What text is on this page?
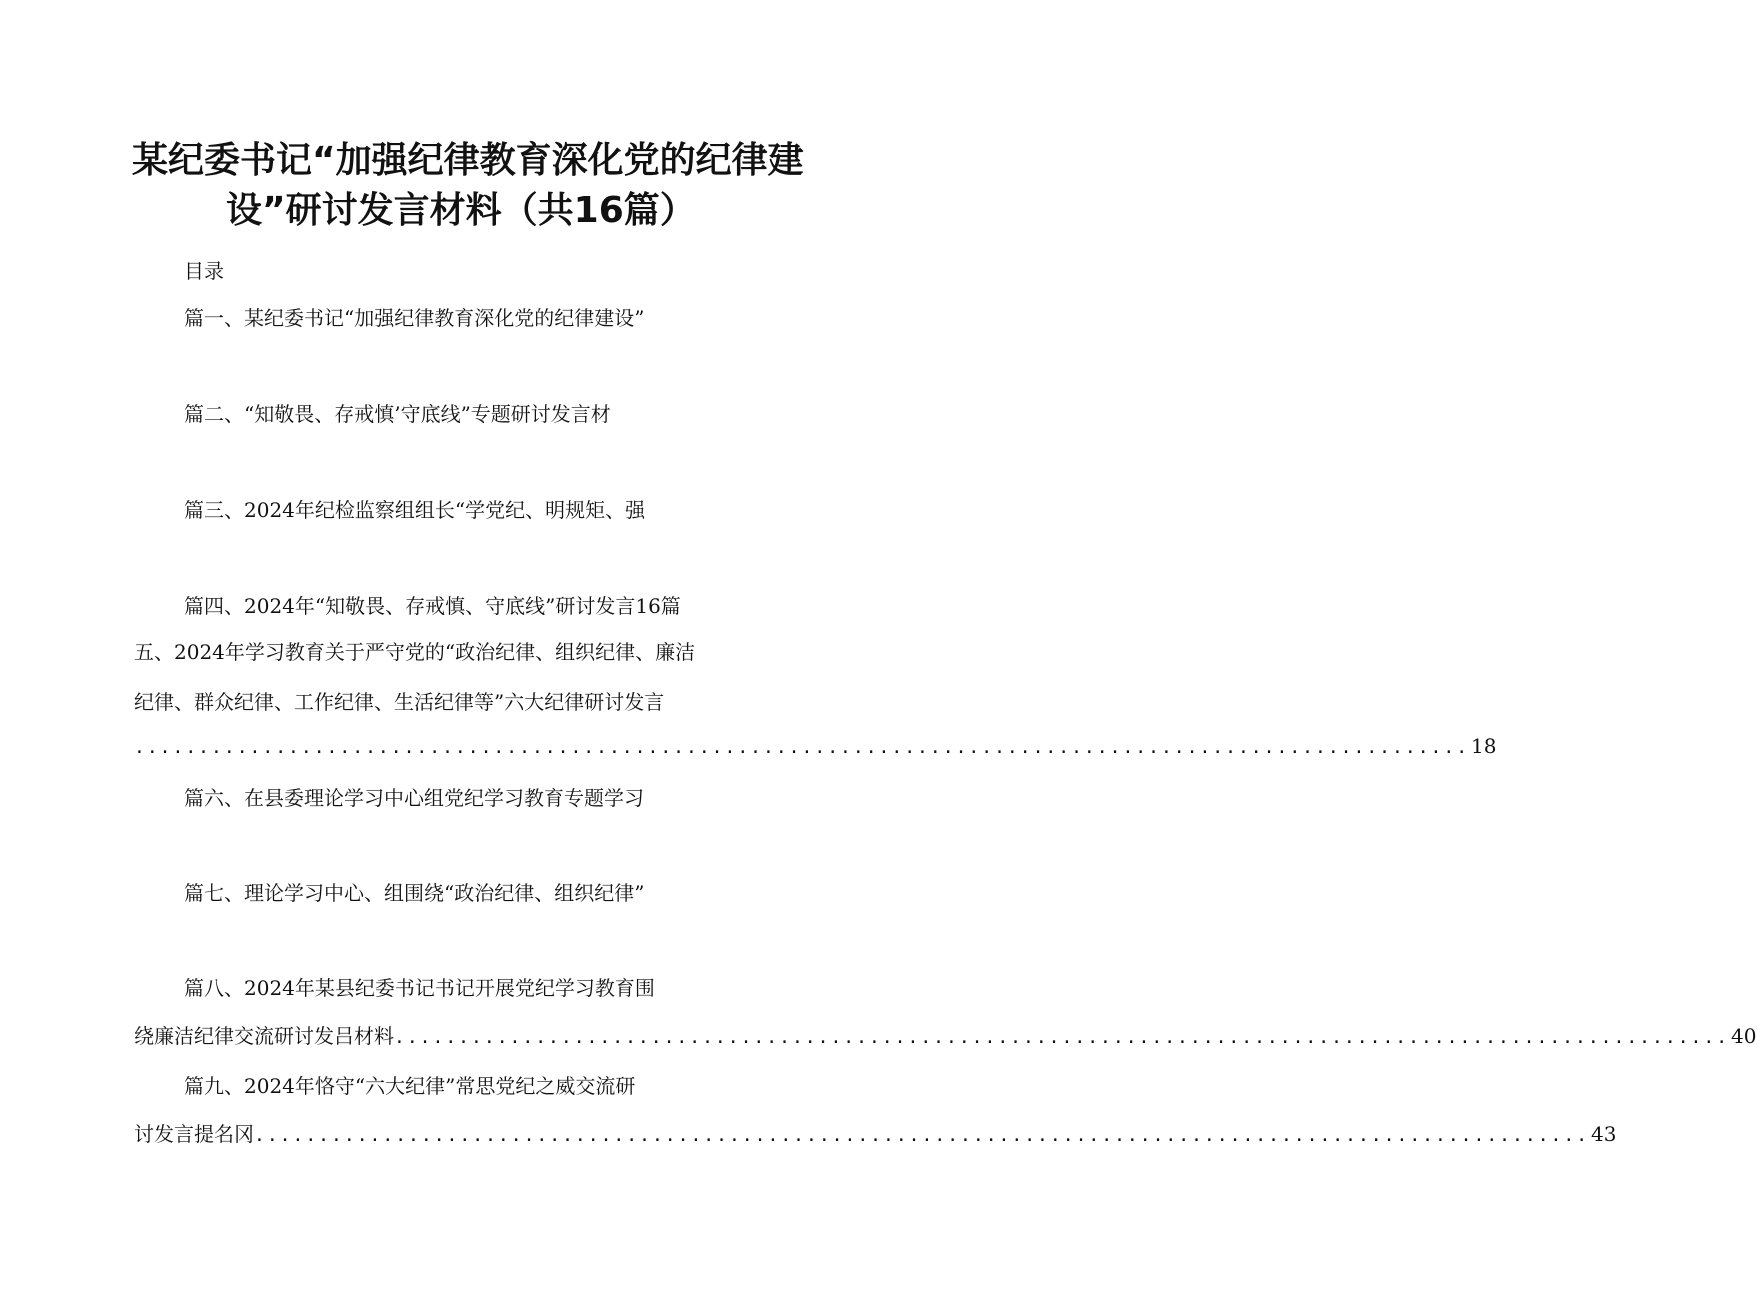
某纪委书记“加强纪律教育深化党的纪律建
设”研讨发言材料（共16篇）
目录
篇一、某纪委书记“加强纪律教育深化党的纪律建设”
篇二、“知敬畏、存戒慎’守底线”专题研讨发言材
篇三、2024年纪检监察组组长“学党纪、明规矩、强
篇四、2024年“知敬畏、存戒慎、守底线”研讨发言16篇
五、2024年学习教育关于严守党的“政治纪律、组织纪律、廉洁
纪律、群众纪律、工作纪律、生活纪律等”六大纪律研讨发言
........................................................................................................ 18
篇六、在县委理论学习中心组党纪学习教育专题学习
篇七、理论学习中心、组围绕“政治纪律、组织纪律”
篇八、2024年某县纪委书记书记开展党纪学习教育围
绕廉洁纪律交流研讨发吕材料 ........................................................................................................ 40
篇九、2024年恪守“六大纪律”常思党纪之威交流研
讨发言提名冈 ........................................................................................................ 43
